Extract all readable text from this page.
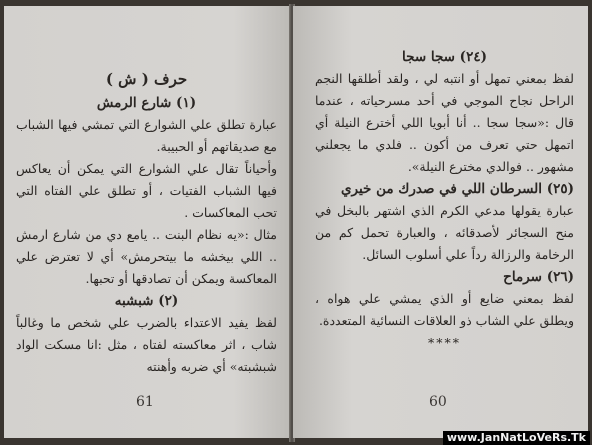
حرف ( ش )
(١) شارع الرمش

عبارة تطلق علي الشوارع التي تمشي فيها الشباب مع صديقاتهم أو الحبيبة.

وأحياناً تقال علي الشوارع التي يمكن أن يعاكس فيها الشباب الفتيات ، أو تطلق علي الفتاه التي تحب المعاكسات .

مثال :«يه نظام البنت .. يامع دي من شارع ارمش .. اللي بيخشه ما بيتحرمش» أي لا تعترض علي المعاكسة ويمكن أن تصادقها أو تحبها.

(٢) شبشبه

لفظ يفيد الاعتداء بالضرب علي شخص ما وغالباً شاب ، اثر معاكسته لفتاه ، مثل :انا مسكت الواد شبشبته» أي ضربه وأهنته

61
(٢٤) سجا سجا

لفظ بمعني تمهل أو انتبه لي ، ولقد أطلقها النجم الراحل نجاح الموجي في أحد مسرحياته ، عندما قال :«سجا سجا .. أنا أبويا اللي أخترع النيلة أي اتمهل حتي تعرف من أكون .. فلدي ما يجعلني مشهور .. فوالدي مخترع النيلة».

(٢٥) السرطان اللي في صدرك من خيري

عبارة يقولها مدعي الكرم الذي اشتهر بالبخل في منح السجائر لأصدقائه ، والعبارة تحمل كم من الرخامة والرزالة رداً علي أسلوب السائل.

(٢٦) سرماح

لفظ بمعني ضايع أو الذي يمشي علي هواه ، ويطلق علي الشاب ذو العلاقات النسائية المتعددة.

****
60
www.JanNatLoVeRs.Tk
